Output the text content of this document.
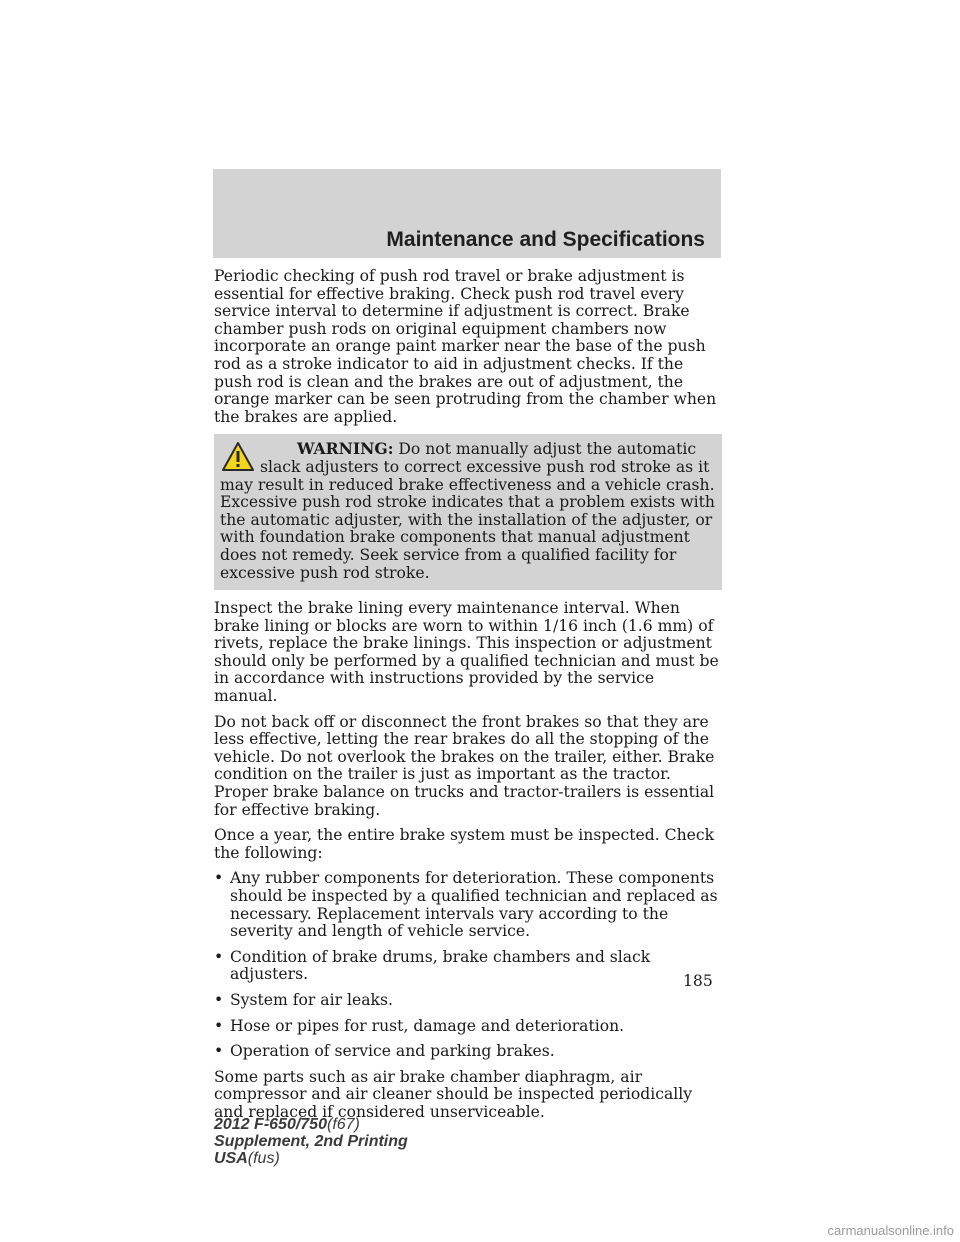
Maintenance and Specifications

Periodic checking of push rod travel or brake adjustment is essential for effective braking. Check push rod travel every service interval to determine if adjustment is correct. Brake chamber push rods on original equipment chambers now incorporate an orange paint marker near the base of the push rod as a stroke indicator to aid in adjustment checks. If the push rod is clean and the brakes are out of adjustment, the orange marker can be seen protruding from the chamber when the brakes are applied.

WARNING: Do not manually adjust the automatic slack adjusters to correct excessive push rod stroke as it may result in reduced brake effectiveness and a vehicle crash. Excessive push rod stroke indicates that a problem exists with the automatic adjuster, with the installation of the adjuster, or with foundation brake components that manual adjustment does not remedy. Seek service from a qualified facility for excessive push rod stroke.

Inspect the brake lining every maintenance interval. When brake lining or blocks are worn to within 1/16 inch (1.6 mm) of rivets, replace the brake linings. This inspection or adjustment should only be performed by a qualified technician and must be in accordance with instructions provided by the service manual.

Do not back off or disconnect the front brakes so that they are less effective, letting the rear brakes do all the stopping of the vehicle. Do not overlook the brakes on the trailer, either. Brake condition on the trailer is just as important as the tractor. Proper brake balance on trucks and tractor-trailers is essential for effective braking.

Once a year, the entire brake system must be inspected. Check the following:

• Any rubber components for deterioration. These components should be inspected by a qualified technician and replaced as necessary. Replacement intervals vary according to the severity and length of vehicle service.
• Condition of brake drums, brake chambers and slack adjusters.
• System for air leaks.
• Hose or pipes for rust, damage and deterioration.
• Operation of service and parking brakes.

Some parts such as air brake chamber diaphragm, air compressor and air cleaner should be inspected periodically and replaced if considered unserviceable.

185
2012 F-650/750(f67)
Supplement, 2nd Printing
USA(fus)
carmanualsonline.info
